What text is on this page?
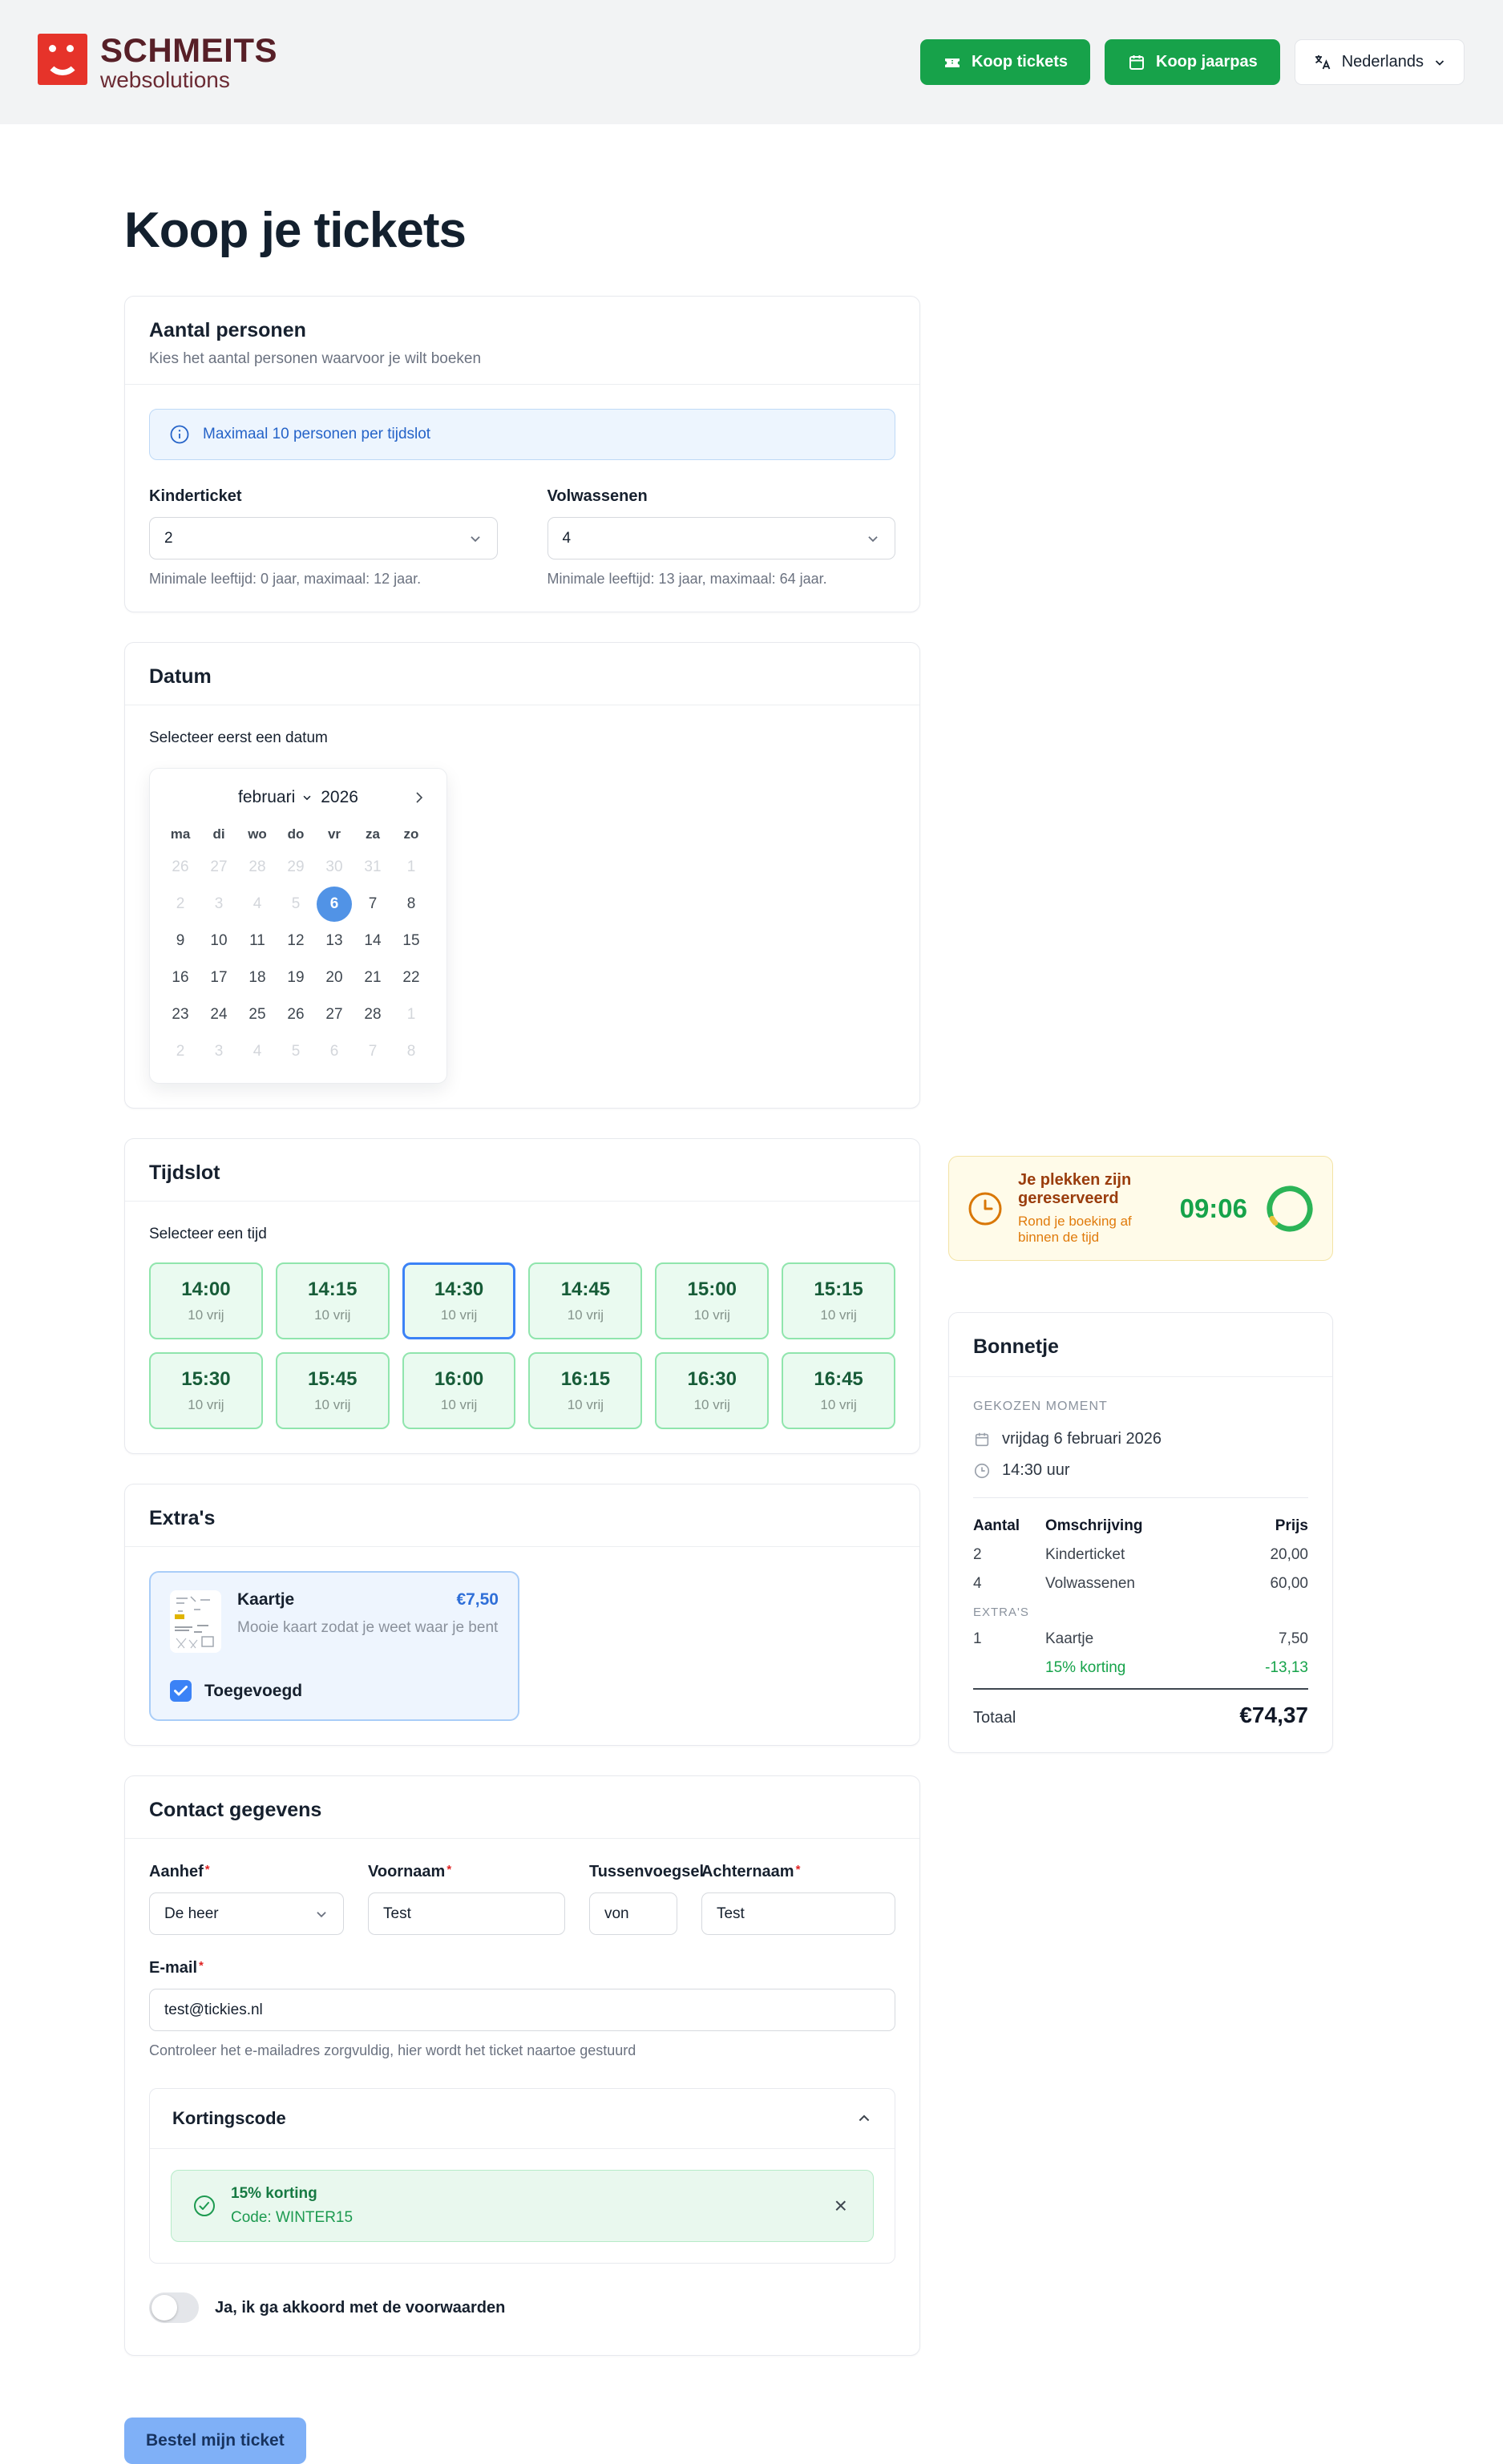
SCHMEITS
websolutions
Koop tickets	Koop jaarpas	Nederlands
Koop je tickets
Aantal personen
Kies het aantal personen waarvoor je wilt boeken
Maximaal 10 personen per tijdslot
Kinderticket
2
Minimale leeftijd: 0 jaar, maximaal: 12 jaar.
Volwassenen
4
Minimale leeftijd: 13 jaar, maximaal: 64 jaar.
Datum
Selecteer eerst een datum
februari 2026
ma	di	wo	do	vr	za	zo
26 27 28 29 30 31 1
2 3 4 5	6	7 8
9 10 11 12 13 14 15
16 17 18 19 20 21 22
23 24 25 26 27 28 1
2 3 4 5 6 7 8
Tijdslot
Selecteer een tijd
14:00
10 vrij
14:15
10 vrij
14:30
10 vrij
14:45
10 vrij
15:00
10 vrij
15:15
10 vrij
15:30
10 vrij
15:45
10 vrij
16:00
10 vrij
16:15
10 vrij
16:30
10 vrij
16:45
10 vrij
Extra's
Kaartje	€7,50
Mooie kaart zodat je weet waar je bent
Toegevoegd
Contact gegevens
Aanhef *
De heer
Voornaam *
Test	Tussenvoegsel
von
Achternaam *
Test
E-mail *
test@tickies.nl
Controleer het e-mailadres zorgvuldig, hier wordt het ticket naartoe gestuurd
Kortingscode
15% korting
Code: WINTER15	×
Ja, ik ga akkoord met de voorwaarden
Bestel mijn ticket
Je plekken zijn gereserveerd
Rond je boeking af binnen de tijd
09:06
Bonnetje
GEKOZEN MOMENT
vrijdag 6 februari 2026
14:30 uur
Aantal	Omschrijving	Prijs
2	Kinderticket	20,00
4	Volwassenen	60,00
EXTRA'S
1	Kaartje	7,50
15% korting	-13,13
Totaal	€74,37
